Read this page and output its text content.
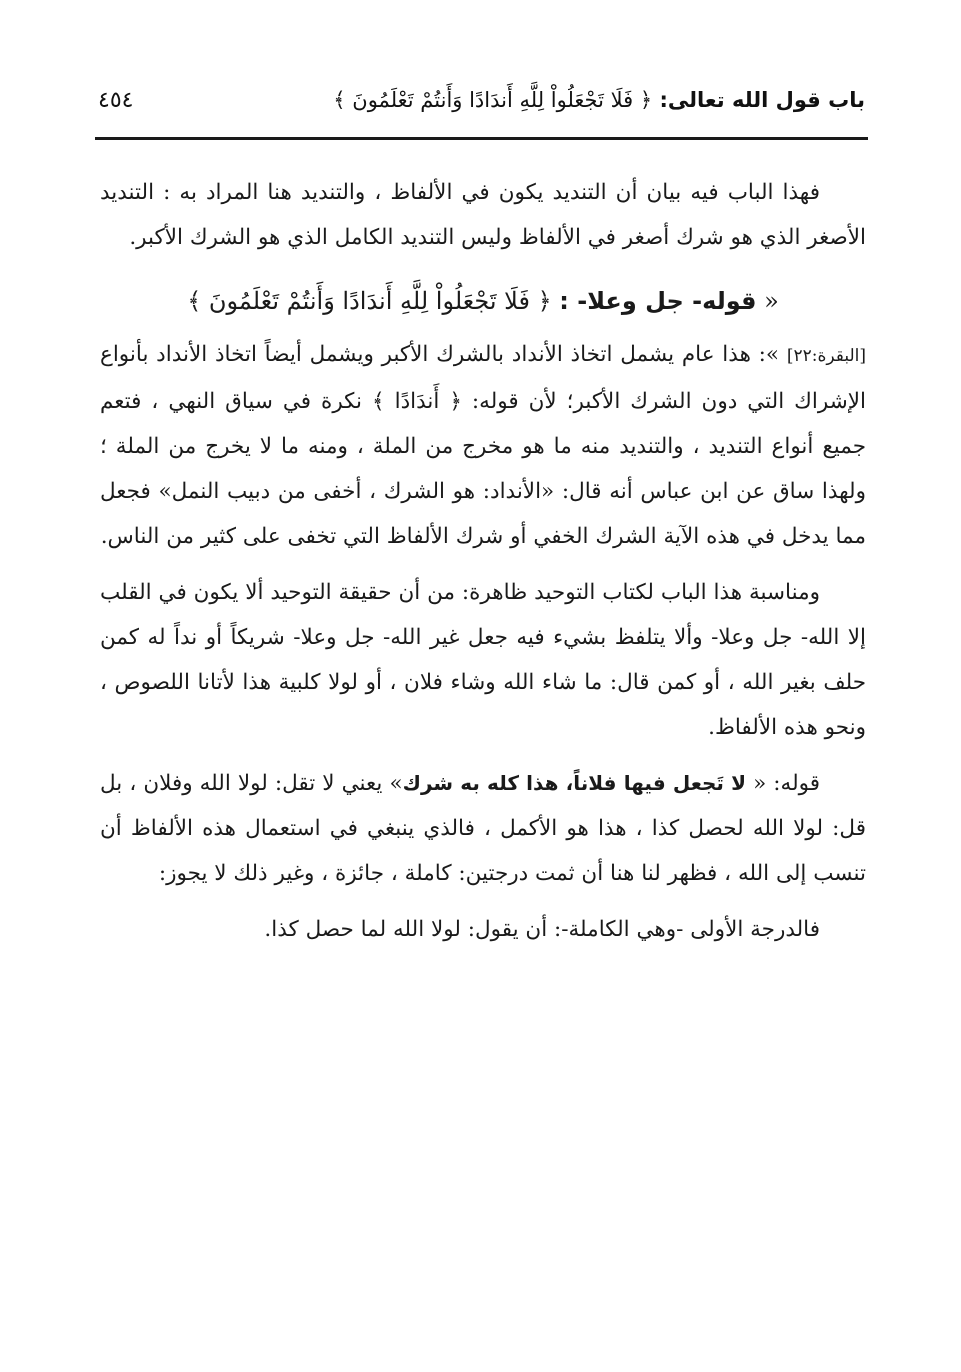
باب قول الله تعالى: ﴿ فَلَا تَجْعَلُواْ لِلَّهِ أَندَادًا وَأَنتُمْ تَعْلَمُونَ ﴾
٤٥٤

فهذا الباب فيه بيان أن التنديد يكون في الألفاظ ، والتنديد هنا المراد به : التنديد الأصغر الذي هو شرك أصغر في الألفاظ وليس التنديد الكامل الذي هو الشرك الأكبر.

« قوله- جل وعلا- : ﴿ فَلَا تَجْعَلُواْ لِلَّهِ أَندَادًا وَأَنتُمْ تَعْلَمُونَ ﴾

[البقرة:٢٢] »: هذا عام يشمل اتخاذ الأنداد بالشرك الأكبر ويشمل أيضاً اتخاذ الأنداد بأنواع الإشراك التي دون الشرك الأكبر؛ لأن قوله: ﴿ أَندَادًا ﴾ نكرة في سياق النهي ، فتعم جميع أنواع التنديد ، والتنديد منه ما هو مخرج من الملة ، ومنه ما لا يخرج من الملة ؛ ولهذا ساق عن ابن عباس أنه قال: «الأنداد: هو الشرك ، أخفى من دبيب النمل» فجعل مما يدخل في هذه الآية الشرك الخفي أو شرك الألفاظ التي تخفى على كثير من الناس.

ومناسبة هذا الباب لكتاب التوحيد ظاهرة: من أن حقيقة التوحيد ألا يكون في القلب إلا الله- جل وعلا- وألا يتلفظ بشيء فيه جعل غير الله- جل وعلا- شريكاً أو نداً له كمن حلف بغير الله ، أو كمن قال: ما شاء الله وشاء فلان ، أو لولا كلبية هذا لأتانا اللصوص ، ونحو هذه الألفاظ.

قوله: « لا تَجعل فيها فلاناً، هذا كله به شرك» يعني لا تقل: لولا الله وفلان ، بل قل: لولا الله لحصل كذا ، هذا هو الأكمل ، فالذي ينبغي في استعمال هذه الألفاظ أن تنسب إلى الله ، فظهر لنا هنا أن ثمت درجتين: كاملة ، جائزة ، وغير ذلك لا يجوز:

فالدرجة الأولى -وهي الكاملة-: أن يقول: لولا الله لما حصل كذا.
